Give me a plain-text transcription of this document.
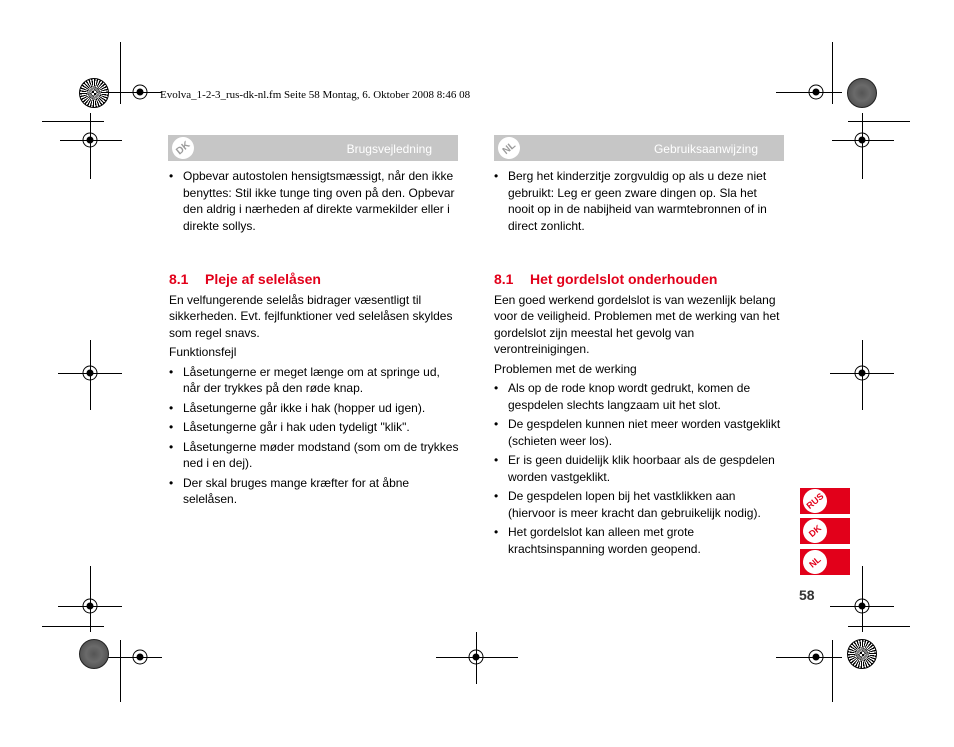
Evolva_1-2-3_rus-dk-nl.fm Seite 58 Montag, 6. Oktober 2008 8:46 08
DK	Brugsvejledning	NL	Gebruiksaanwijzing
• Opbevar autostolen hensigtsmæssigt, når den ikke benyttes: Stil ikke tunge ting oven på den. Opbevar den aldrig i nærheden af direkte varmekilder eller i direkte sollys.
8.1 Pleje af selelåsen

En velfungerende selelås bidrager væsentligt til sikkerheden. Evt. fejlfunktioner ved selelåsen skyldes som regel snavs.

Funktionsfejl

• Låsetungerne er meget længe om at springe ud, når der trykkes på den røde knap.
• Låsetungerne går ikke i hak (hopper ud igen).
• Låsetungerne går i hak uden tydeligt "klik".
• Låsetungerne møder modstand (som om de trykkes ned i en dej).
• Der skal bruges mange kræfter for at åbne selelåsen.
• Berg het kinderzitje zorgvuldig op als u deze niet gebruikt: Leg er geen zware dingen op. Sla het nooit op in de nabijheid van warmtebronnen of in direct zonlicht.
8.1 Het gordelslot onderhouden

Een goed werkend gordelslot is van wezenlijk belang voor de veiligheid. Problemen met de werking van het gordelslot zijn meestal het gevolg van verontreinigingen.

Problemen met de werking

• Als op de rode knop wordt gedrukt, komen de gespdelen slechts langzaam uit het slot.
• De gespdelen kunnen niet meer worden vastgeklikt (schieten weer los).
• Er is geen duidelijk klik hoorbaar als de gespdelen worden vastgeklikt.
• De gespdelen lopen bij het vastklikken aan (hiervoor is meer kracht dan gebruikelijk nodig).
• Het gordelslot kan alleen met grote krachtsinspanning worden geopend.
RUS
DK
NL
58
